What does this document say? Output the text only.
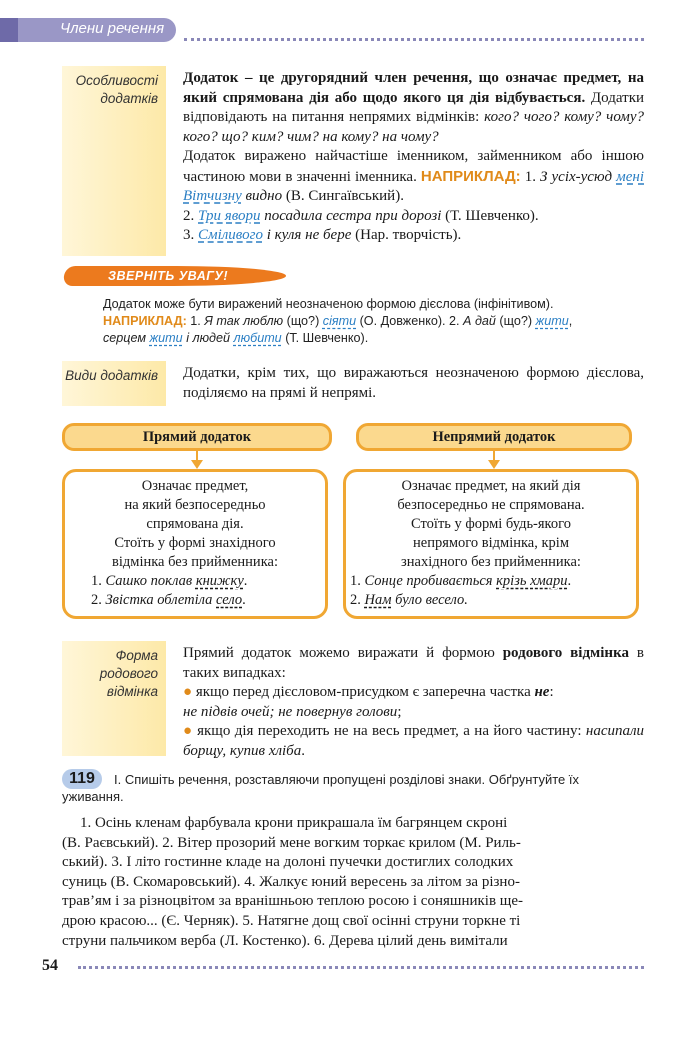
Члени речення
Особливості додатків
Додаток – це другорядний член речення, що означає предмет, на який спрямована дія або щодо якого ця дія відбувається. Додатки відповідають на питання непрямих відмінків: кого? чого? кому? чому? кого? що? ким? чим? на кому? на чому?
Додаток виражено найчастіше іменником, займенником або іншою частиною мови в значенні іменника. НАПРИКЛАД: 1. З усіх-усюд мені Вітчизну видно (В. Сингаївський).
2. Три явори посадила сестра при дорозі (Т. Шевченко).
3. Сміливого і куля не бере (Нар. творчість).
ЗВЕРНІТЬ УВАГУ!
Додаток може бути виражений неозначеною формою дієслова (інфінітивом).
НАПРИКЛАД: 1. Я так люблю (що?) сіяти (О. Довженко). 2. А дай (що?) жити,
серцем жити і людей любити (Т. Шевченко).
Види додатків	Додатки, крім тих, що виражаються неозначеною формою дієслова, поділяємо на прямі й непрямі.
Прямий додаток	Непрямий додаток
Означає предмет,
на який безпосередньо
спрямована дія.
Стоїть у формі знахідного
відмінка без прийменника:
1. Сашко поклав книжку.
2. Звістка облетіла село.
Означає предмет, на який дія
безпосередньо не спрямована.
Стоїть у формі будь-якого
непрямого відмінка, крім
знахідного без прийменника:
1. Сонце пробивається крізь хмари.
2. Нам було весело.
Форма родового відмінка
Прямий додаток можемо виражати й формою родового відмінка в таких випадках:
● якщо перед дієсловом-присудком є заперечна частка не:
не підвів очей; не повернув голови;
● якщо дія переходить не на весь предмет, а на його частину: насипали борщу, купив хліба.
119	І. Спишіть речення, розставляючи пропущені розділові знаки. Обґрунтуйте їх уживання.
1. Осінь кленам фарбувала крони прикрашала їм багрянцем скроні
(В. Раєвський). 2. Вітер прозорий мене вогким торкає крилом (М. Риль-
ський). 3. І літо гостинне кладе на долоні пучечки достиглих солодких
суниць (В. Скомаровський). 4. Жалкує юний вересень за літом за різно-
трав’ям і за різноцвітом за вранішньою теплою росою і соняшників ще-
дрою красою... (Є. Черняк). 5. Натягне дощ свої осінні струни торкне ті
струни пальчиком верба (Л. Костенко). 6. Дерева цілий день вимітали
54
